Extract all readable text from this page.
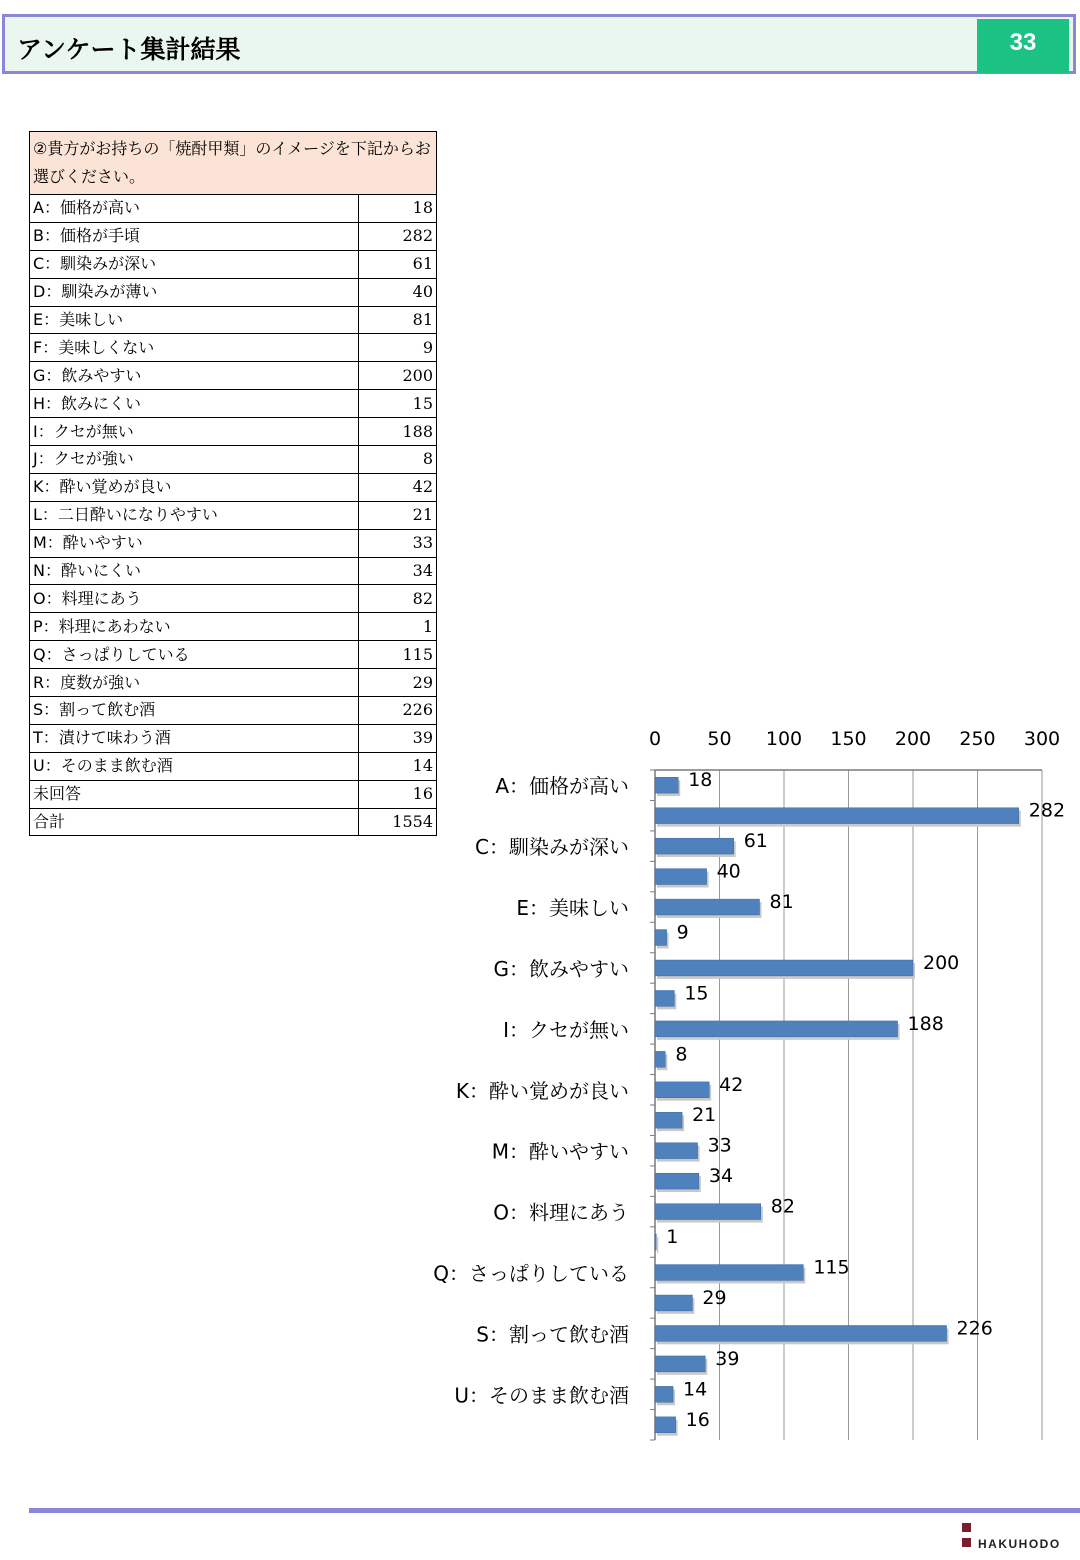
アンケート集計結果	33
②貴方がお持ちの「焼酎甲類」のイメージを下記からお選びください。	
A：価格が高い	18
B：価格が手頃	282
C：馴染みが深い	61
D：馴染みが薄い	40
E：美味しい	81
F：美味しくない	9
G：飲みやすい	200
H：飲みにくい	15
I：クセが無い	188
J：クセが強い	8
K：酔い覚めが良い	42
L：二日酔いになりやすい	21
M：酔いやすい	33
N：酔いにくい	34
O：料理にあう	82
P：料理にあわない	1
Q：さっぱりしている	115
R：度数が強い	29
S：割って飲む酒	226
T：漬けて味わう酒	39
U：そのまま飲む酒	14
未回答	16
合計	1554
0 50 100 150 200 250 300
18
A：価格が高い
282
61
C：馴染みが深い
40
81
E：美味しい
9
200
G：飲みやすい
15
188
I：クセが無い
8
42
K：酔い覚めが良い
21
33
M：酔いやすい
34
82
O：料理にあう
1
115
Q：さっぱりしている
29
226
S：割って飲む酒
39
14
U：そのまま飲む酒
16
HAKUHODO
